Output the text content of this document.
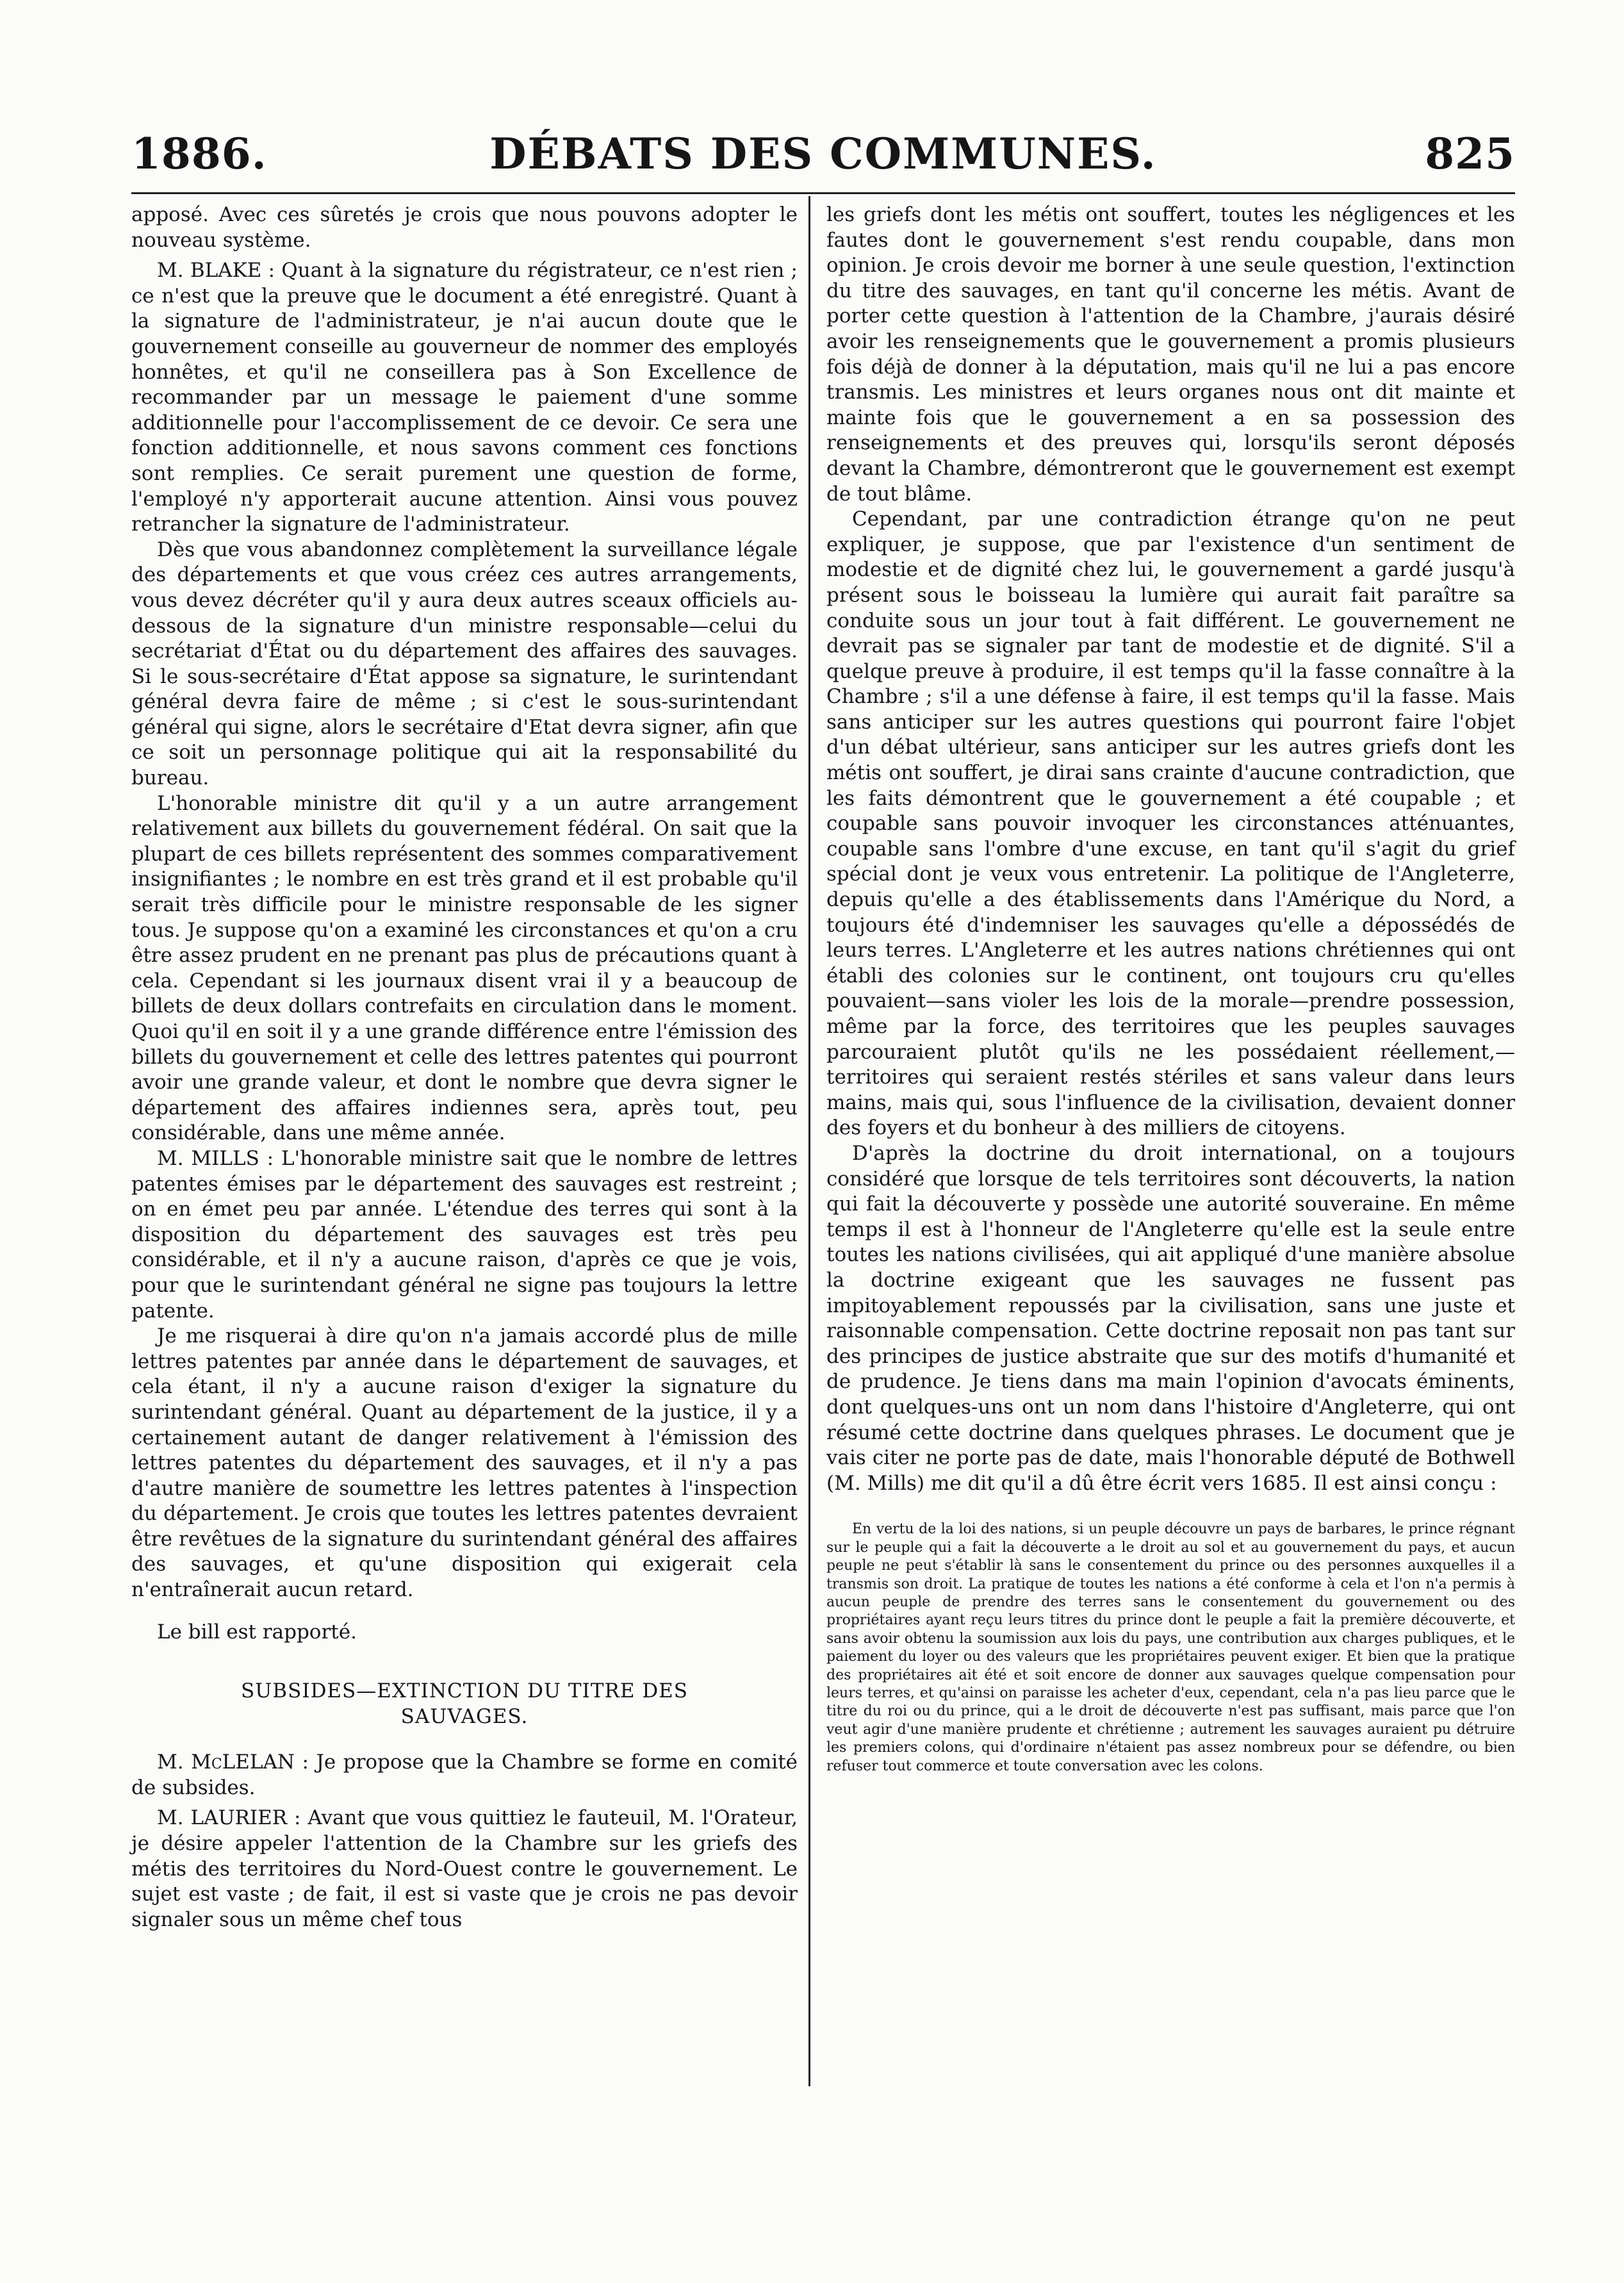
1886.	DÉBATS DES COMMUNES.	825

apposé. Avec ces sûretés je crois que nous pouvons adopter le nouveau système.

M. BLAKE : Quant à la signature du régistrateur, ce n'est rien ; ce n'est que la preuve que le document a été enregistré. Quant à la signature de l'administrateur, je n'ai aucun doute que le gouvernement conseille au gouverneur de nommer des employés honnêtes, et qu'il ne conseillera pas à Son Excellence de recommander par un message le paiement d'une somme additionnelle pour l'accomplissement de ce devoir. Ce sera une fonction additionnelle, et nous savons comment ces fonctions sont remplies. Ce serait purement une question de forme, l'employé n'y apporterait aucune attention. Ainsi vous pouvez retrancher la signature de l'administrateur.

Dès que vous abandonnez complètement la surveillance légale des départements et que vous créez ces autres arrangements, vous devez décréter qu'il y aura deux autres sceaux officiels au-dessous de la signature d'un ministre responsable—celui du secrétariat d'État ou du département des affaires des sauvages. Si le sous-secrétaire d'État appose sa signature, le surintendant général devra faire de même ; si c'est le sous-surintendant général qui signe, alors le secrétaire d'Etat devra signer, afin que ce soit un personnage politique qui ait la responsabilité du bureau.

L'honorable ministre dit qu'il y a un autre arrangement relativement aux billets du gouvernement fédéral. On sait que la plupart de ces billets représentent des sommes comparativement insignifiantes ; le nombre en est très grand et il est probable qu'il serait très difficile pour le ministre responsable de les signer tous. Je suppose qu'on a examiné les circonstances et qu'on a cru être assez prudent en ne prenant pas plus de précautions quant à cela. Cependant si les journaux disent vrai il y a beaucoup de billets de deux dollars contrefaits en circulation dans le moment. Quoi qu'il en soit il y a une grande différence entre l'émission des billets du gouvernement et celle des lettres patentes qui pourront avoir une grande valeur, et dont le nombre que devra signer le département des affaires indiennes sera, après tout, peu considérable, dans une même année.

M. MILLS : L'honorable ministre sait que le nombre de lettres patentes émises par le département des sauvages est restreint ; on en émet peu par année. L'étendue des terres qui sont à la disposition du département des sauvages est très peu considérable, et il n'y a aucune raison, d'après ce que je vois, pour que le surintendant général ne signe pas toujours la lettre patente.

Je me risquerai à dire qu'on n'a jamais accordé plus de mille lettres patentes par année dans le département de sauvages, et cela étant, il n'y a aucune raison d'exiger la signature du surintendant général. Quant au département de la justice, il y a certainement autant de danger relativement à l'émission des lettres patentes du département des sauvages, et il n'y a pas d'autre manière de soumettre les lettres patentes à l'inspection du département. Je crois que toutes les lettres patentes devraient être revêtues de la signature du surintendant général des affaires des sauvages, et qu'une disposition qui exigerait cela n'entraînerait aucun retard.

Le bill est rapporté.

SUBSIDES—EXTINCTION DU TITRE DES SAUVAGES.

M. McLELAN : Je propose que la Chambre se forme en comité de subsides.

M. LAURIER : Avant que vous quittiez le fauteuil, M. l'Orateur, je désire appeler l'attention de la Chambre sur les griefs des métis des territoires du Nord-Ouest contre le gouvernement. Le sujet est vaste ; de fait, il est si vaste que je crois ne pas devoir signaler sous un même chef tous

les griefs dont les métis ont souffert, toutes les négligences et les fautes dont le gouvernement s'est rendu coupable, dans mon opinion. Je crois devoir me borner à une seule question, l'extinction du titre des sauvages, en tant qu'il concerne les métis. Avant de porter cette question à l'attention de la Chambre, j'aurais désiré avoir les renseignements que le gouvernement a promis plusieurs fois déjà de donner à la députation, mais qu'il ne lui a pas encore transmis. Les ministres et leurs organes nous ont dit mainte et mainte fois que le gouvernement a en sa possession des renseignements et des preuves qui, lorsqu'ils seront déposés devant la Chambre, démontreront que le gouvernement est exempt de tout blâme.

Cependant, par une contradiction étrange qu'on ne peut expliquer, je suppose, que par l'existence d'un sentiment de modestie et de dignité chez lui, le gouvernement a gardé jusqu'à présent sous le boisseau la lumière qui aurait fait paraître sa conduite sous un jour tout à fait différent. Le gouvernement ne devrait pas se signaler par tant de modestie et de dignité. S'il a quelque preuve à produire, il est temps qu'il la fasse connaître à la Chambre ; s'il a une défense à faire, il est temps qu'il la fasse. Mais sans anticiper sur les autres questions qui pourront faire l'objet d'un débat ultérieur, sans anticiper sur les autres griefs dont les métis ont souffert, je dirai sans crainte d'aucune contradiction, que les faits démontrent que le gouvernement a été coupable ; et coupable sans pouvoir invoquer les circonstances atténuantes, coupable sans l'ombre d'une excuse, en tant qu'il s'agit du grief spécial dont je veux vous entretenir. La politique de l'Angleterre, depuis qu'elle a des établissements dans l'Amérique du Nord, a toujours été d'indemniser les sauvages qu'elle a dépossédés de leurs terres. L'Angleterre et les autres nations chrétiennes qui ont établi des colonies sur le continent, ont toujours cru qu'elles pouvaient—sans violer les lois de la morale—prendre possession, même par la force, des territoires que les peuples sauvages parcouraient plutôt qu'ils ne les possédaient réellement,—territoires qui seraient restés stériles et sans valeur dans leurs mains, mais qui, sous l'influence de la civilisation, devaient donner des foyers et du bonheur à des milliers de citoyens.

D'après la doctrine du droit international, on a toujours considéré que lorsque de tels territoires sont découverts, la nation qui fait la découverte y possède une autorité souveraine. En même temps il est à l'honneur de l'Angleterre qu'elle est la seule entre toutes les nations civilisées, qui ait appliqué d'une manière absolue la doctrine exigeant que les sauvages ne fussent pas impitoyablement repoussés par la civilisation, sans une juste et raisonnable compensation. Cette doctrine reposait non pas tant sur des principes de justice abstraite que sur des motifs d'humanité et de prudence. Je tiens dans ma main l'opinion d'avocats éminents, dont quelques-uns ont un nom dans l'histoire d'Angleterre, qui ont résumé cette doctrine dans quelques phrases. Le document que je vais citer ne porte pas de date, mais l'honorable député de Bothwell (M. Mills) me dit qu'il a dû être écrit vers 1685. Il est ainsi conçu :

En vertu de la loi des nations, si un peuple découvre un pays de barbares, le prince régnant sur le peuple qui a fait la découverte a le droit au sol et au gouvernement du pays, et aucun peuple ne peut s'établir là sans le consentement du prince ou des personnes auxquelles il a transmis son droit. La pratique de toutes les nations a été conforme à cela et l'on n'a permis à aucun peuple de prendre des terres sans le consentement du gouvernement ou des propriétaires ayant reçu leurs titres du prince dont le peuple a fait la première découverte, et sans avoir obtenu la soumission aux lois du pays, une contribution aux charges publiques, et le paiement du loyer ou des valeurs que les propriétaires peuvent exiger. Et bien que la pratique des propriétaires ait été et soit encore de donner aux sauvages quelque compensation pour leurs terres, et qu'ainsi on paraisse les acheter d'eux, cependant, cela n'a pas lieu parce que le titre du roi ou du prince, qui a le droit de découverte n'est pas suffisant, mais parce que l'on veut agir d'une manière prudente et chrétienne ; autrement les sauvages auraient pu détruire les premiers colons, qui d'ordinaire n'étaient pas assez nombreux pour se défendre, ou bien refuser tout commerce et toute conversation avec les colons.
